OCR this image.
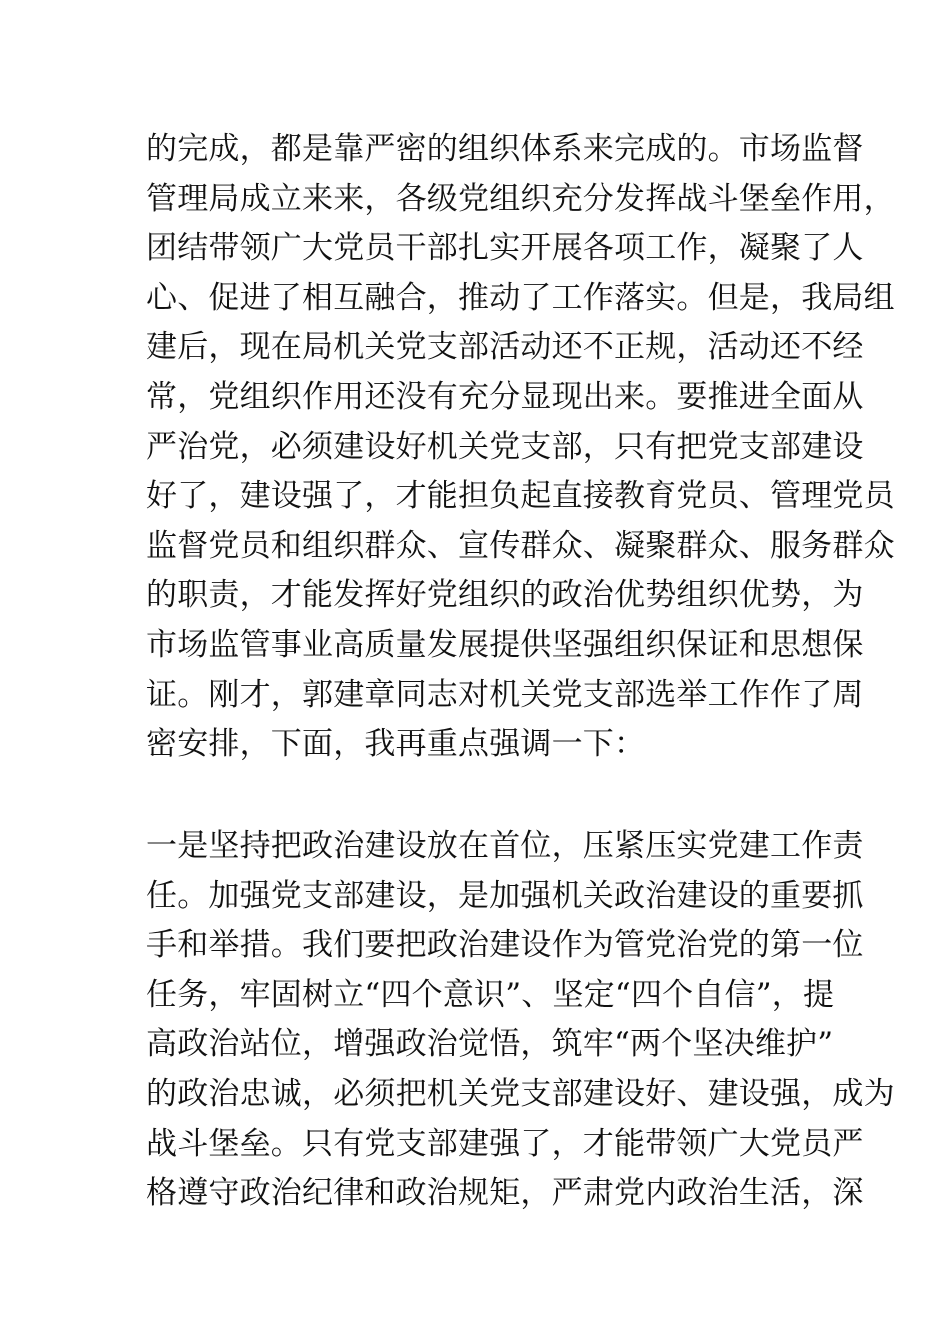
的完成，都是靠严密的组织体系来完成的。市场监督
管理局成立来来，各级党组织充分发挥战斗堡垒作用，
团结带领广大党员干部扎实开展各项工作，凝聚了人
心、促进了相互融合，推动了工作落实。但是，我局组
建后，现在局机关党支部活动还不正规，活动还不经
常，党组织作用还没有充分显现出来。要推进全面从
严治党，必须建设好机关党支部，只有把党支部建设
好了，建设强了，才能担负起直接教育党员、管理党员
监督党员和组织群众、宣传群众、凝聚群众、服务群众
的职责，才能发挥好党组织的政治优势组织优势，为
市场监管事业高质量发展提供坚强组织保证和思想保
证。刚才，郭建章同志对机关党支部选举工作作了周
密安排，下面，我再重点强调一下：
一是坚持把政治建设放在首位，压紧压实党建工作责
任。加强党支部建设，是加强机关政治建设的重要抓
手和举措。我们要把政治建设作为管党治党的第一位
任务，牢固树立“四个意识”、坚定“四个自信”，提
高政治站位，增强政治觉悟，筑牢“两个坚决维护”
的政治忠诚，必须把机关党支部建设好、建设强，成为
战斗堡垒。只有党支部建强了，才能带领广大党员严
格遵守政治纪律和政治规矩，严肃党内政治生活，深
